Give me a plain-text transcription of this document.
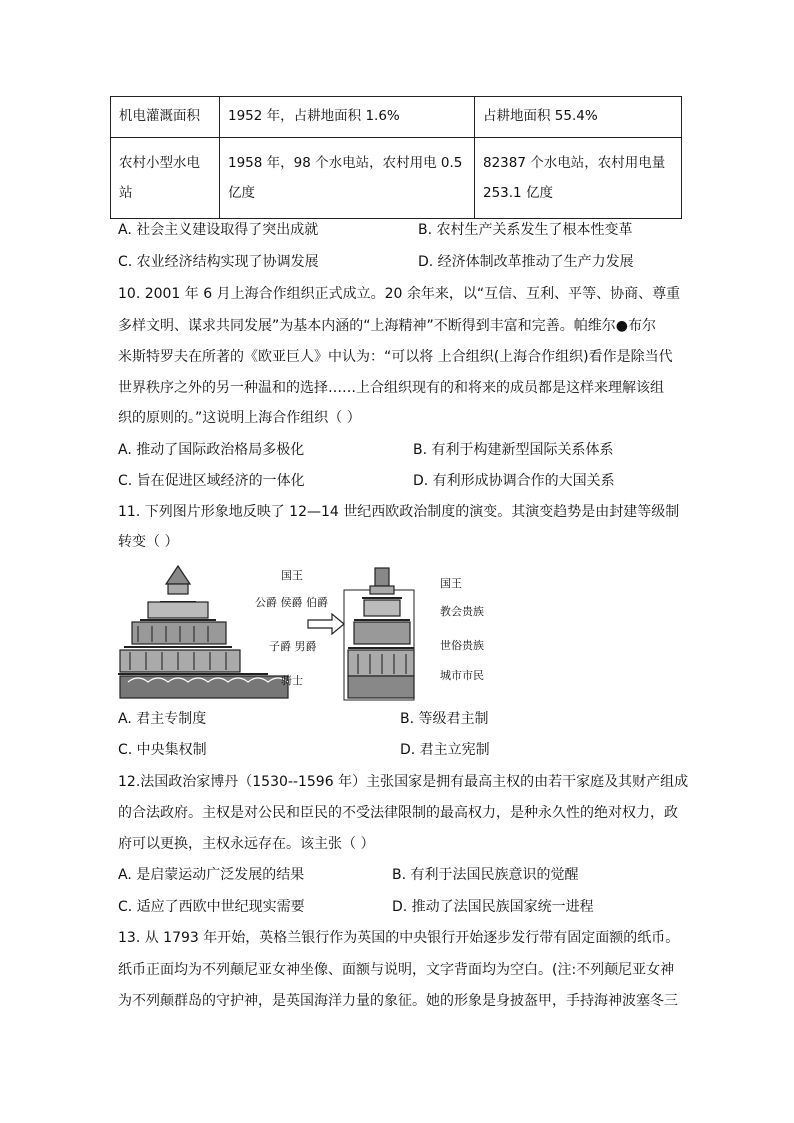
机电灌溉面积	1952 年，占耕地面积 1.6%	占耕地面积 55.4%
农村小型水电站	1958 年，98 个水电站，农村用电 0.5 亿度	82387 个水电站，农村用电量 253.1 亿度
A. 社会主义建设取得了突出成就	B. 农村生产关系发生了根本性变革
C. 农业经济结构实现了协调发展	D. 经济体制改革推动了生产力发展
10. 2001 年 6 月上海合作组织正式成立。20 余年来，以“互信、互利、平等、协商、尊重
多样文明、谋求共同发展”为基本内涵的“上海精神”不断得到丰富和完善。帕维尔●布尔
米斯特罗夫在所著的《欧亚巨人》中认为：“可以将 上合组织(上海合作组织)看作是除当代
世界秩序之外的另一种温和的选择……上合组织现有的和将来的成员都是这样来理解该组
织的原则的。”这说明上海合作组织（ ）
A. 推动了国际政治格局多极化	B. 有利于构建新型国际关系体系
C. 旨在促进区域经济的一体化	D. 有利形成协调合作的大国关系
11. 下列图片形象地反映了 12—14 世纪西欧政治制度的演变。其演变趋势是由封建等级制
转变（ ）
国王
公爵 侯爵 伯爵
子爵 男爵
骑士
国王
教会贵族
世俗贵族
城市市民
A. 君主专制度	B. 等级君主制
C. 中央集权制	D. 君主立宪制
12.法国政治家博丹（1530--1596 年）主张国家是拥有最高主权的由若干家庭及其财产组成
的合法政府。主权是对公民和臣民的不受法律限制的最高权力，是种永久性的绝对权力，政
府可以更换，主权永远存在。该主张（ ）
A. 是启蒙运动广泛发展的结果	B. 有利于法国民族意识的觉醒
C. 适应了西欧中世纪现实需要	D. 推动了法国民族国家统一进程
13. 从 1793 年开始，英格兰银行作为英国的中央银行开始逐步发行带有固定面额的纸币。
纸币正面均为不列颠尼亚女神坐像、面额与说明，文字背面均为空白。(注:不列颠尼亚女神
为不列颠群岛的守护神，是英国海洋力量的象征。她的形象是身披盔甲，手持海神波塞冬三
